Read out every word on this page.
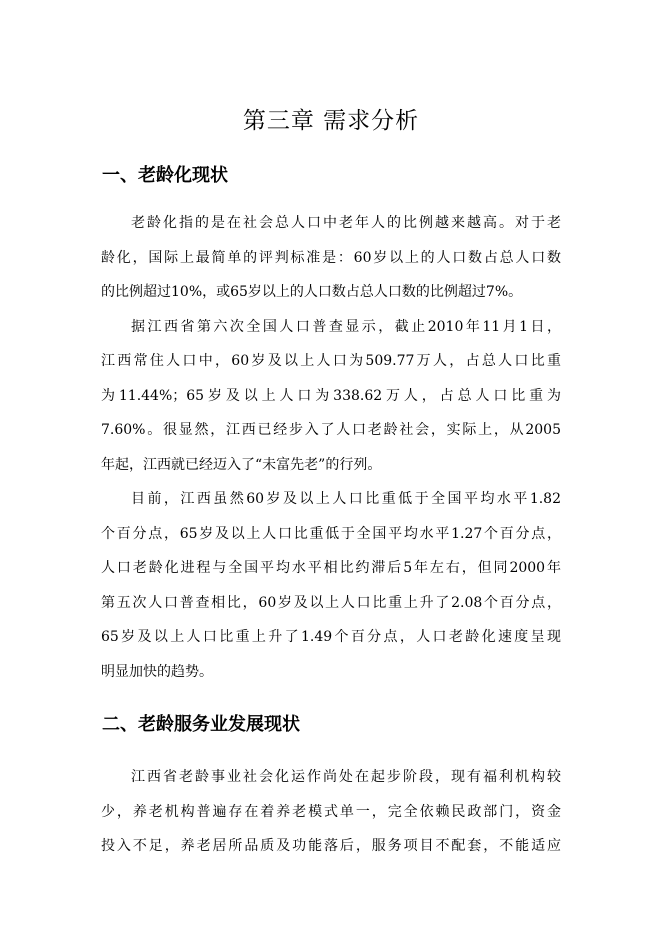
第三章 需求分析
一、老龄化现状
老龄化指的是在社会总人口中老年人的比例越来越高。对于老
龄化，国际上最简单的评判标准是：60岁以上的人口数占总人口数
的比例超过10%，或65岁以上的人口数占总人口数的比例超过7%。
据江西省第六次全国人口普查显示，截止2010年11月1日，
江西常住人口中，60岁及以上人口为509.77万人，占总人口比重
为11.44%；65岁及以上人口为338.62万人，占总人口比重为
7.60%。很显然，江西已经步入了人口老龄社会，实际上，从2005
年起，江西就已经迈入了“未富先老”的行列。
目前，江西虽然60岁及以上人口比重低于全国平均水平1.82
个百分点，65岁及以上人口比重低于全国平均水平1.27个百分点，
人口老龄化进程与全国平均水平相比约滞后5年左右，但同2000年
第五次人口普查相比，60岁及以上人口比重上升了2.08个百分点，
65岁及以上人口比重上升了1.49个百分点，人口老龄化速度呈现
明显加快的趋势。
二、老龄服务业发展现状
江西省老龄事业社会化运作尚处在起步阶段，现有福利机构较
少，养老机构普遍存在着养老模式单一，完全依赖民政部门，资金
投入不足，养老居所品质及功能落后，服务项目不配套，不能适应
